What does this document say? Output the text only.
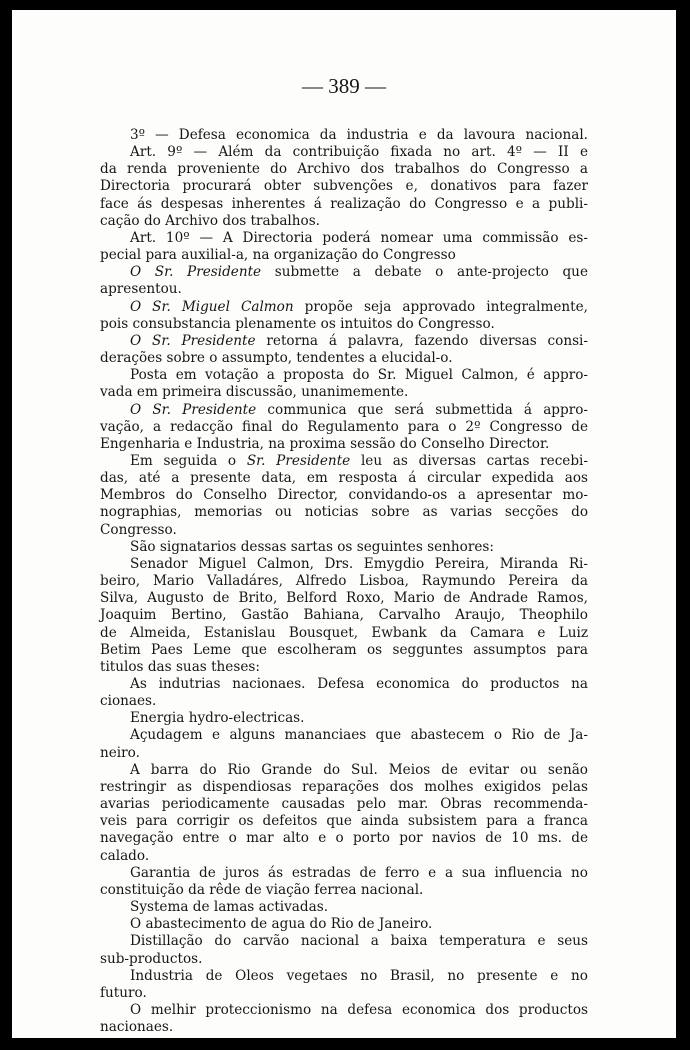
— 389 —

3º — Defesa economica da industria e da lavoura nacional.

Art. 9º — Além da contribuição fixada no art. 4º — II e

da renda proveniente do Archivo dos trabalhos do Congresso a

Directoria procurará obter subvenções e, donativos para fazer

face ás despesas inherentes á realização do Congresso e a publi-

cação do Archivo dos trabalhos.

Art. 10º — A Directoria poderá nomear uma commissão es-

pecial para auxilial-a, na organização do Congresso

O Sr. Presidente submette a debate o ante-projecto que

apresentou.

O Sr. Miguel Calmon propõe seja approvado integralmente,

pois consubstancia plenamente os intuitos do Congresso.

O Sr. Presidente retorna á palavra, fazendo diversas consi-

derações sobre o assumpto, tendentes a elucidal-o.

Posta em votação a proposta do Sr. Miguel Calmon, é appro-

vada em primeira discussão, unanimemente.

O Sr. Presidente communica que será submettida á appro-

vação, a redacção final do Regulamento para o 2º Congresso de

Engenharia e Industria, na proxima sessão do Conselho Director.

Em seguida o Sr. Presidente leu as diversas cartas recebi-

das, até a presente data, em resposta á circular expedida aos

Membros do Conselho Director, convidando-os a apresentar mo-

nographias, memorias ou noticias sobre as varias secções do

Congresso.

São signatarios dessas sartas os seguintes senhores:

Senador Miguel Calmon, Drs. Emygdio Pereira, Miranda Ri-

beiro, Mario Valladáres, Alfredo Lisboa, Raymundo Pereira da

Silva, Augusto de Brito, Belford Roxo, Mario de Andrade Ramos,

Joaquim Bertino, Gastão Bahiana, Carvalho Araujo, Theophilo

de Almeida, Estanislau Bousquet, Ewbank da Camara e Luiz

Betim Paes Leme que escolheram os segguntes assumptos para

titulos das suas theses:

As indutrias nacionaes. Defesa economica do productos na

cionaes.

Energia hydro-electricas.

Açudagem e alguns mananciaes que abastecem o Rio de Ja-

neiro.

A barra do Rio Grande do Sul. Meios de evitar ou senão

restringir as dispendiosas reparações dos molhes exigidos pelas

avarias periodicamente causadas pelo mar. Obras recommenda-

veis para corrigir os defeitos que ainda subsistem para a franca

navegação entre o mar alto e o porto por navios de 10 ms. de

calado.

Garantia de juros ás estradas de ferro e a sua influencia no

constituição da rêde de viação ferrea nacional.

Systema de lamas activadas.

O abastecimento de agua do Rio de Janeiro.

Distillação do carvão nacional a baixa temperatura e seus

sub-productos.

Industria de Oleos vegetaes no Brasil, no presente e no

futuro.

O melhir proteccionismo na defesa economica dos productos

nacionaes.
